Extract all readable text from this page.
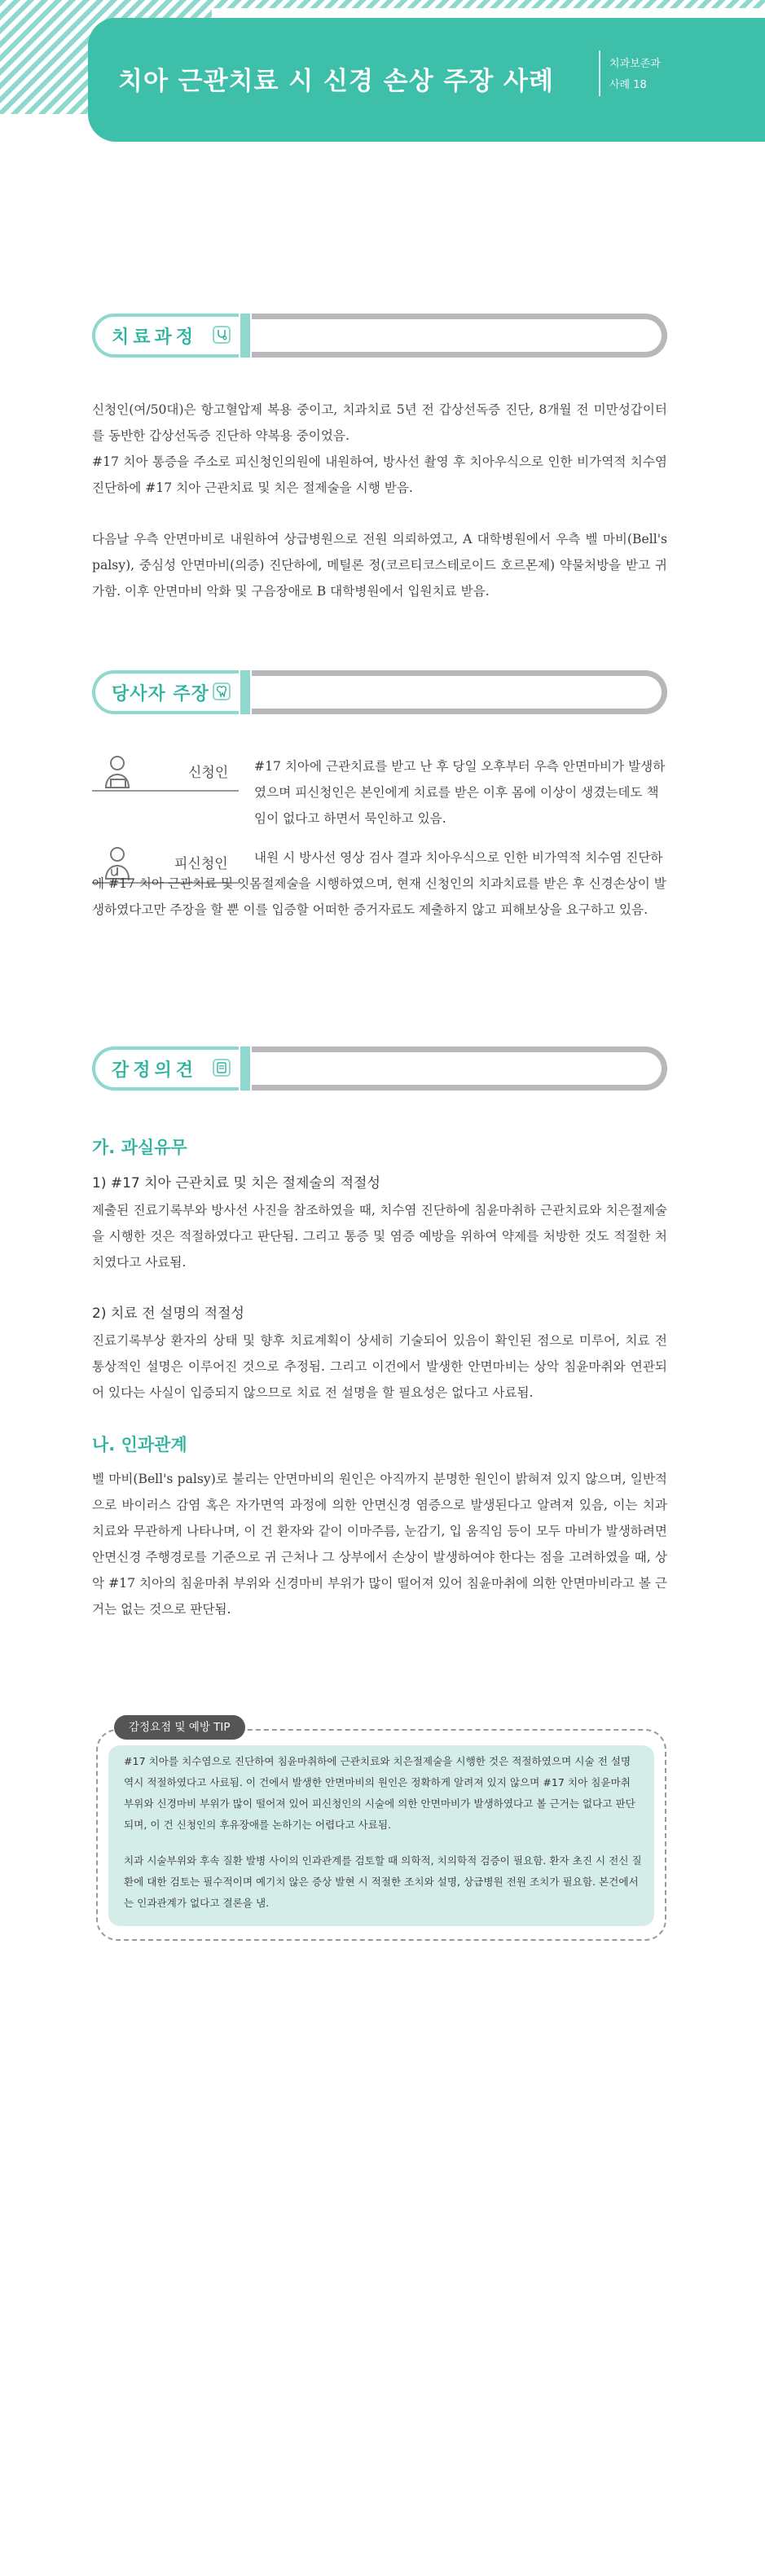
치아 근관치료 시 신경 손상 주장 사례
치과보존과
사례 18
치료과정
신청인(여/50대)은 항고혈압제 복용 중이고, 치과치료 5년 전 갑상선독증 진단, 8개월 전 미만성갑이터를 동반한 갑상선독증 진단하 약복용 중이었음.
#17 치아 통증을 주소로 피신청인의원에 내원하여, 방사선 촬영 후 치아우식으로 인한 비가역적 치수염 진단하에 #17 치아 근관치료 및 치은 절제술을 시행 받음.
다음날 우측 안면마비로 내원하여 상급병원으로 전원 의뢰하였고, A 대학병원에서 우측 벨 마비(Bell's palsy), 중심성 안면마비(의증) 진단하에, 메틸론 정(코르티코스테로이드 호르몬제) 약물처방을 받고 귀가함. 이후 안면마비 악화 및 구음장애로 B 대학병원에서 입원치료 받음.
당사자 주장
신청인 #17 치아에 근관치료를 받고 난 후 당일 오후부터 우측 안면마비가 발생하였으며 피신청인은 본인에게 치료를 받은 이후 몸에 이상이 생겼는데도 책임이 없다고 하면서 묵인하고 있음.
피신청인	내원 시 방사선 영상 검사 결과 치아우식으로 인한 비가역적 치수염 진단하에 #17 치아 근관치료 및 잇몸절제술을 시행하였으며, 현재 신청인의 치과치료를 받은 후 신경손상이 발생하였다고만 주장을 할 뿐 이를 입증할 어떠한 증거자료도 제출하지 않고 피해보상을 요구하고 있음.
감정의견
가. 과실유무
1) #17 치아 근관치료 및 치은 절제술의 적절성
제출된 진료기록부와 방사선 사진을 참조하였을 때, 치수염 진단하에 침윤마취하 근관치료와 치은절제술을 시행한 것은 적절하였다고 판단됨. 그리고 통증 및 염증 예방을 위하여 약제를 처방한 것도 적절한 처치였다고 사료됨.
2) 치료 전 설명의 적절성
진료기록부상 환자의 상태 및 향후 치료계획이 상세히 기술되어 있음이 확인된 점으로 미루어, 치료 전 통상적인 설명은 이루어진 것으로 추정됨. 그리고 이건에서 발생한 안면마비는 상악 침윤마취와 연관되어 있다는 사실이 입증되지 않으므로 치료 전 설명을 할 필요성은 없다고 사료됨.
나. 인과관계
벨 마비(Bell's palsy)로 불리는 안면마비의 원인은 아직까지 분명한 원인이 밝혀져 있지 않으며, 일반적으로 바이러스 감염 혹은 자가면역 과정에 의한 안면신경 염증으로 발생된다고 알려져 있음, 이는 치과 치료와 무관하게 나타나며, 이 건 환자와 같이 이마주름, 눈감기, 입 움직임 등이 모두 마비가 발생하려면 안면신경 주행경로를 기준으로 귀 근처나 그 상부에서 손상이 발생하여야 한다는 점을 고려하였을 때, 상악 #17 치아의 침윤마취 부위와 신경마비 부위가 많이 떨어져 있어 침윤마취에 의한 안면마비라고 볼 근거는 없는 것으로 판단됨.
감정요점 및 예방 TIP
#17 치아를 치수염으로 진단하여 침윤마취하에 근관치료와 치은절제술을 시행한 것은 적절하였으며 시술 전 설명 역시 적절하였다고 사료됨. 이 건에서 발생한 안면마비의 원인은 정확하게 알려져 있지 않으며 #17 치아 침윤마취 부위와 신경마비 부위가 많이 떨어져 있어 피신청인의 시술에 의한 안면마비가 발생하였다고 볼 근거는 없다고 판단되며, 이 건 신청인의 후유장애를 논하기는 어렵다고 사료됨.
치과 시술부위와 후속 질환 발병 사이의 인과관계를 검토할 때 의학적, 치의학적 검증이 필요함. 환자 초진 시 전신 질환에 대한 검토는 필수적이며 예기치 않은 증상 발현 시 적절한 조치와 설명, 상급병원 전원 조치가 필요함. 본건에서는 인과관계가 없다고 결론을 냄.
